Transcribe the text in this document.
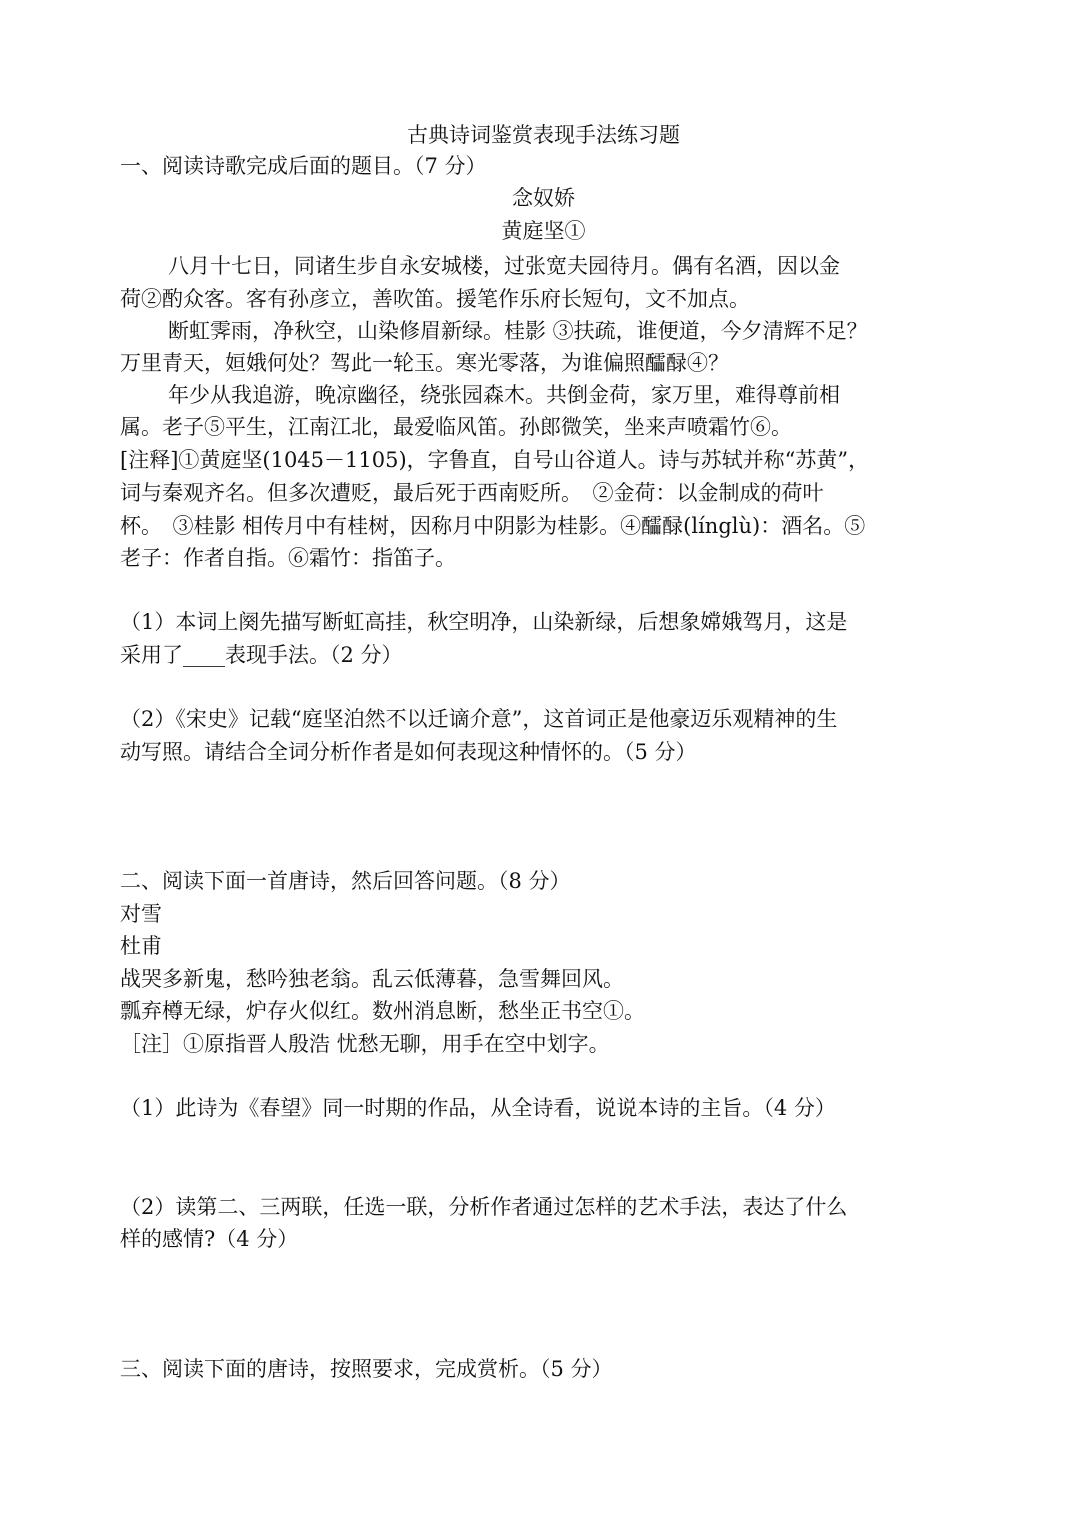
古典诗词鉴赏表现手法练习题
一、阅读诗歌完成后面的题目。（7 分）
念奴娇
黄庭坚①
八月十七日，同诸生步自永安城楼，过张宽夫园待月。偶有名酒，因以金
荷②酌众客。客有孙彦立，善吹笛。援笔作乐府长短句，文不加点。
断虹霁雨，净秋空，山染修眉新绿。桂影 ③扶疏，谁便道，今夕清辉不足？
万里青天，姮娥何处？驾此一轮玉。寒光零落，为谁偏照醽醁④？
年少从我追游，晚凉幽径，绕张园森木。共倒金荷，家万里，难得尊前相
属。老子⑤平生，江南江北，最爱临风笛。孙郎微笑，坐来声喷霜竹⑥。
[注释]①黄庭坚(1045－1105)，字鲁直，自号山谷道人。诗与苏轼并称“苏黄”，
词与秦观齐名。但多次遭贬，最后死于西南贬所。　②金荷：以金制成的荷叶
杯。　③桂影 相传月中有桂树，因称月中阴影为桂影。④醽醁(línglù)：酒名。⑤
老子：作者自指。⑥霜竹：指笛子。
（1）本词上阕先描写断虹高挂，秋空明净，山染新绿，后想象嫦娥驾月，这是
采用了____表现手法。（2 分）
（2）《宋史》记载“庭坚泊然不以迁谪介意”，这首词正是他豪迈乐观精神的生
动写照。请结合全词分析作者是如何表现这种情怀的。（5 分）
二、阅读下面一首唐诗，然后回答问题。（8 分）
对雪
杜甫
战哭多新鬼，愁吟独老翁。乱云低薄暮，急雪舞回风。
瓢弃樽无绿，炉存火似红。数州消息断，愁坐正书空①。
［注］①原指晋人殷浩 忧愁无聊，用手在空中划字。
（1）此诗为《春望》同一时期的作品，从全诗看，说说本诗的主旨。（4 分）
（2）读第二、三两联，任选一联，分析作者通过怎样的艺术手法，表达了什么
样的感情?（4 分）
三、阅读下面的唐诗，按照要求，完成赏析。（5 分）
